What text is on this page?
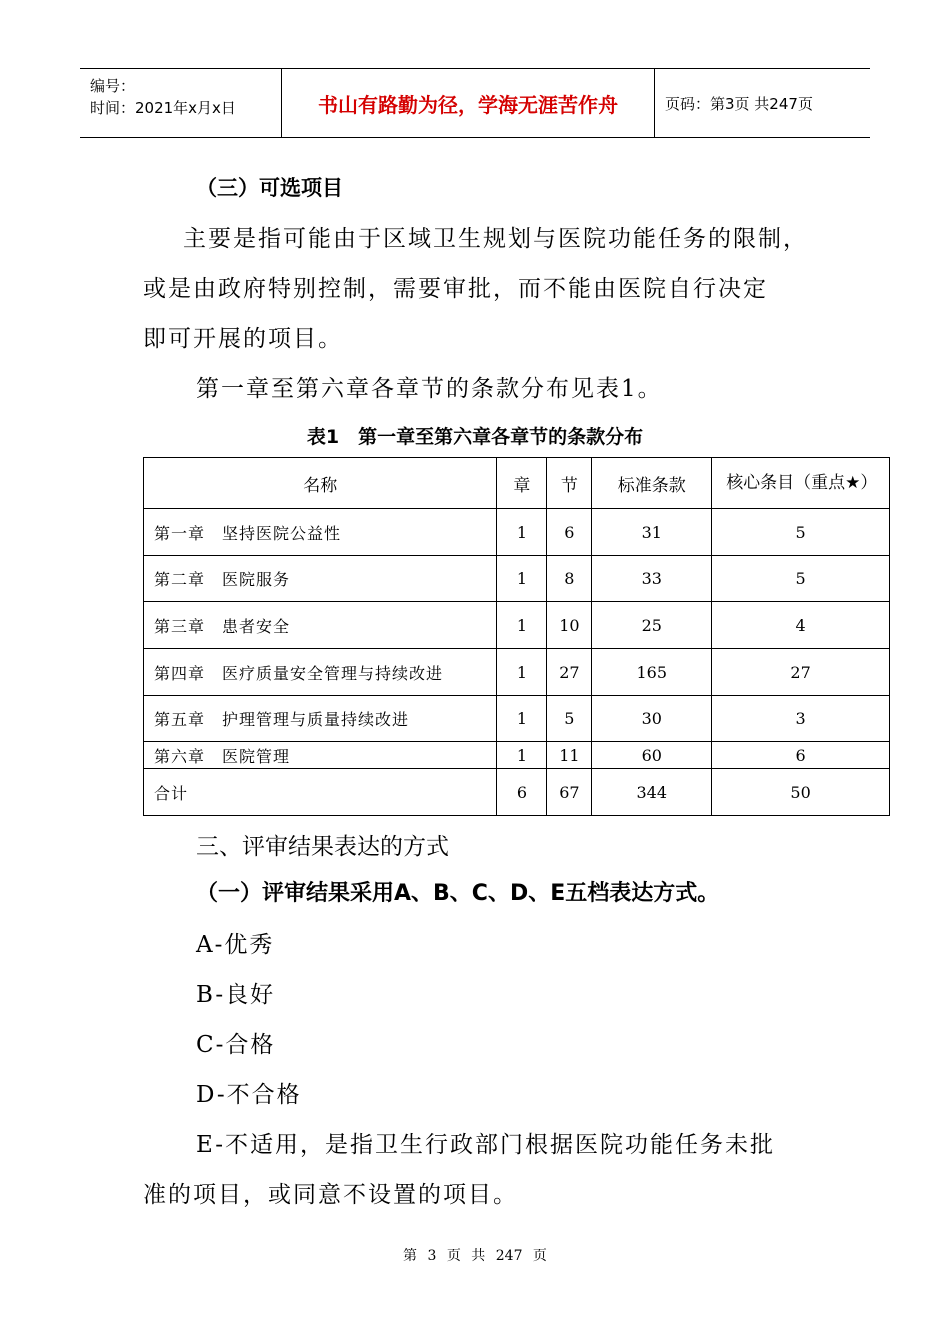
编号：
时间：2021年x月x日	书山有路勤为径，学海无涯苦作舟	页码：第3页 共247页
（三）可选项目
主要是指可能由于区域卫生规划与医院功能任务的限制，
或是由政府特别控制，需要审批，而不能由医院自行决定
即可开展的项目。
第一章至第六章各章节的条款分布见表1。
表1　第一章至第六章各章节的条款分布
名称	章	节	标准条款	核心条目（重点★）
第一章　坚持医院公益性	1	6	31	5
第二章　医院服务	1	8	33	5
第三章　患者安全	1	10	25	4
第四章　医疗质量安全管理与持续改进	1	27	165	27
第五章　护理管理与质量持续改进	1	5	30	3
第六章　医院管理	1	11	60	6
合计	6	67	344	50
三、评审结果表达的方式
（一）评审结果采用A、B、C、D、E五档表达方式。
A-优秀
B-良好
C-合格
D-不合格
E-不适用，是指卫生行政部门根据医院功能任务未批
准的项目，或同意不设置的项目。
第 3 页 共 247 页
